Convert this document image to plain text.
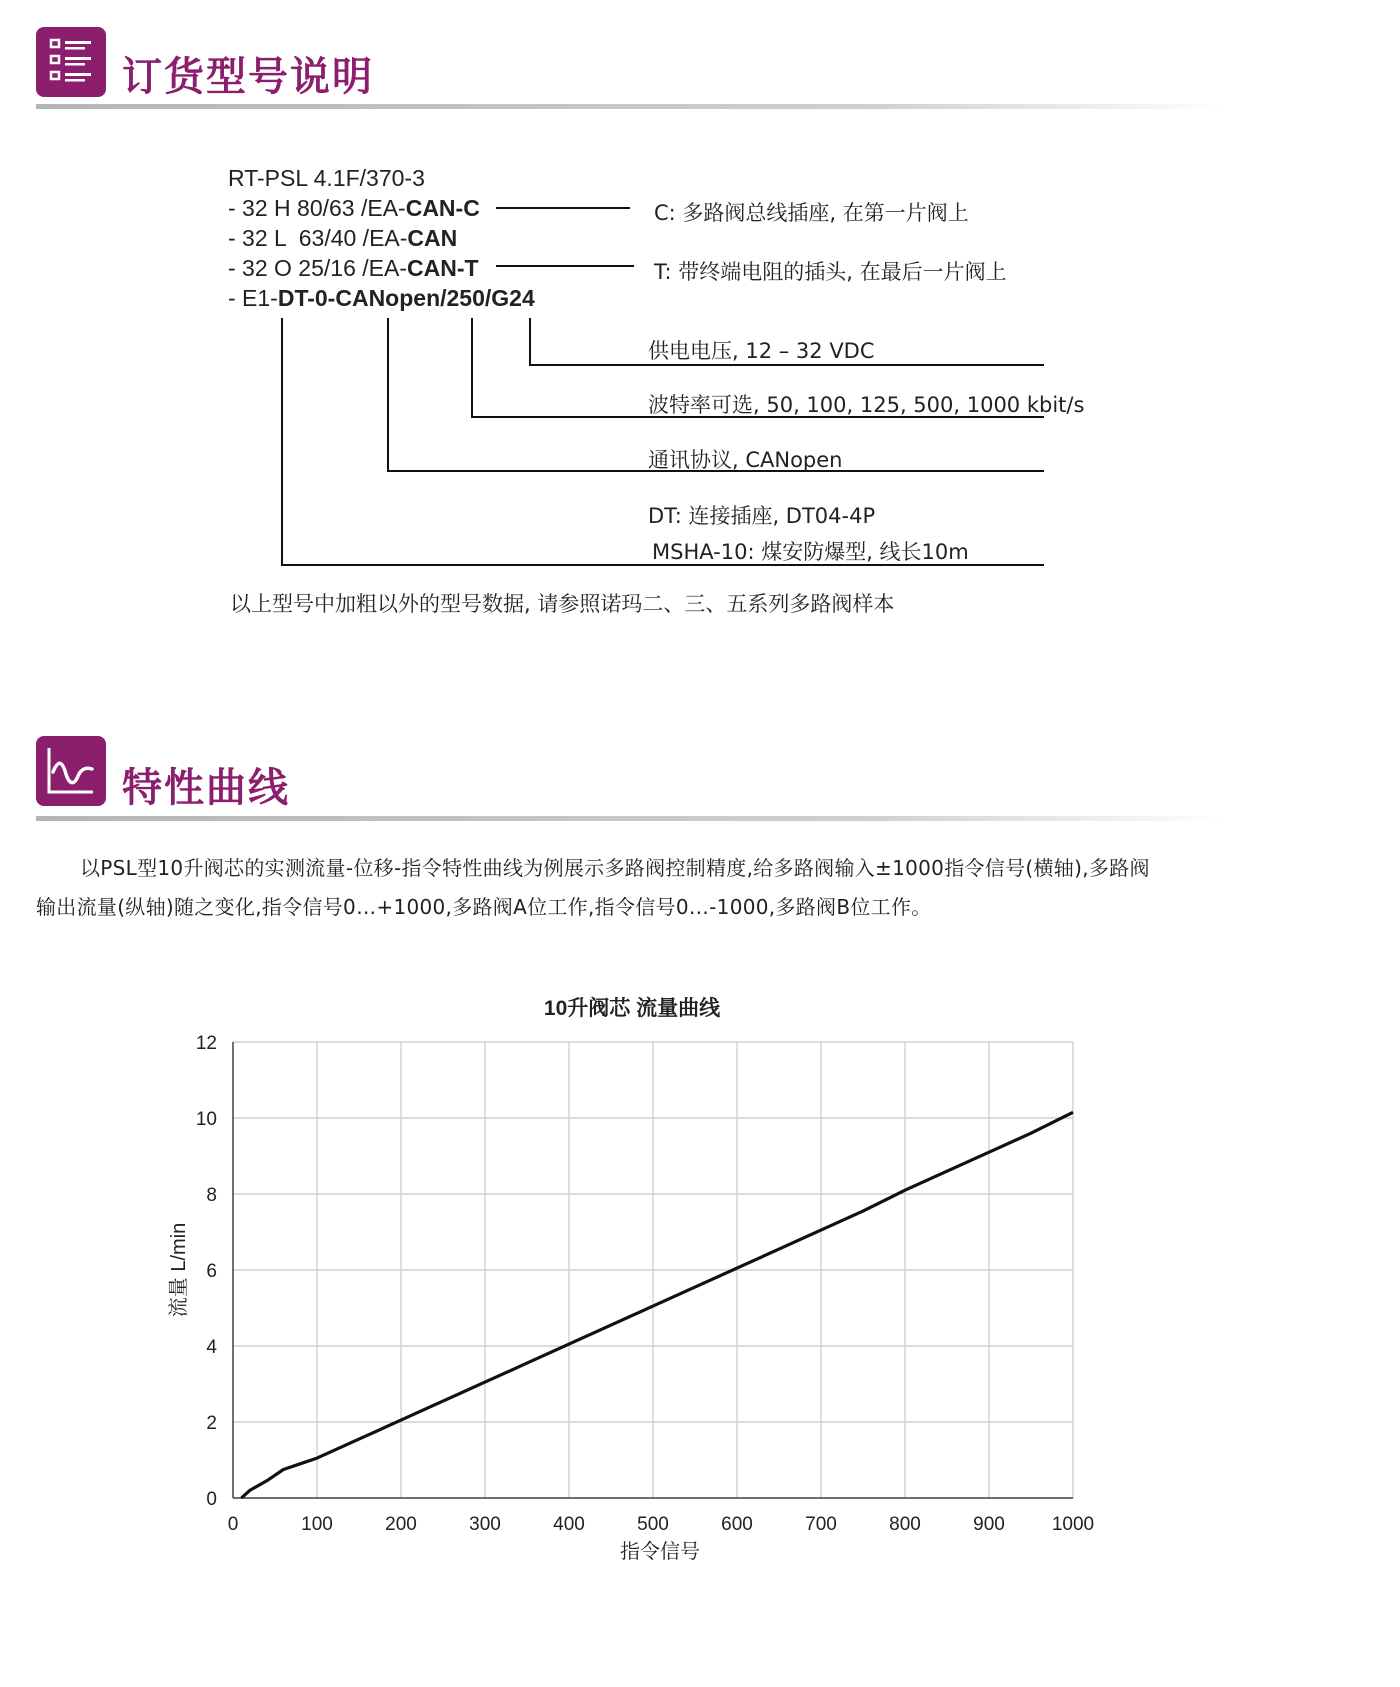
订货型号说明
RT-PSL 4.1F/370-3
- 32 H 80/63 /EA-CAN-C
- 32 L  63/40 /EA-CAN
- 32 O 25/16 /EA-CAN-T
- E1-DT-0-CANopen/250/G24
C: 多路阀总线插座, 在第一片阀上
T: 带终端电阻的插头, 在最后一片阀上
供电电压, 12 – 32 VDC
波特率可选, 50, 100, 125, 500, 1000 kbit/s
通讯协议, CANopen
DT: 连接插座, DT04-4P
MSHA-10: 煤安防爆型, 线长10m
以上型号中加粗以外的型号数据, 请参照诺玛二、三、五系列多路阀样本
特性曲线
以PSL型10升阀芯的实测流量-位移-指令特性曲线为例展示多路阀控制精度,给多路阀输入±1000指令信号(横轴),多路阀
输出流量(纵轴)随之变化,指令信号0…+1000,多路阀A位工作,指令信号0…-1000,多路阀B位工作。
0	100	200	300	400	500	600	700	800	900 1000
0
2
4
6
8
10
12
10升阀芯 流量曲线
指令信号
流量 L/min
